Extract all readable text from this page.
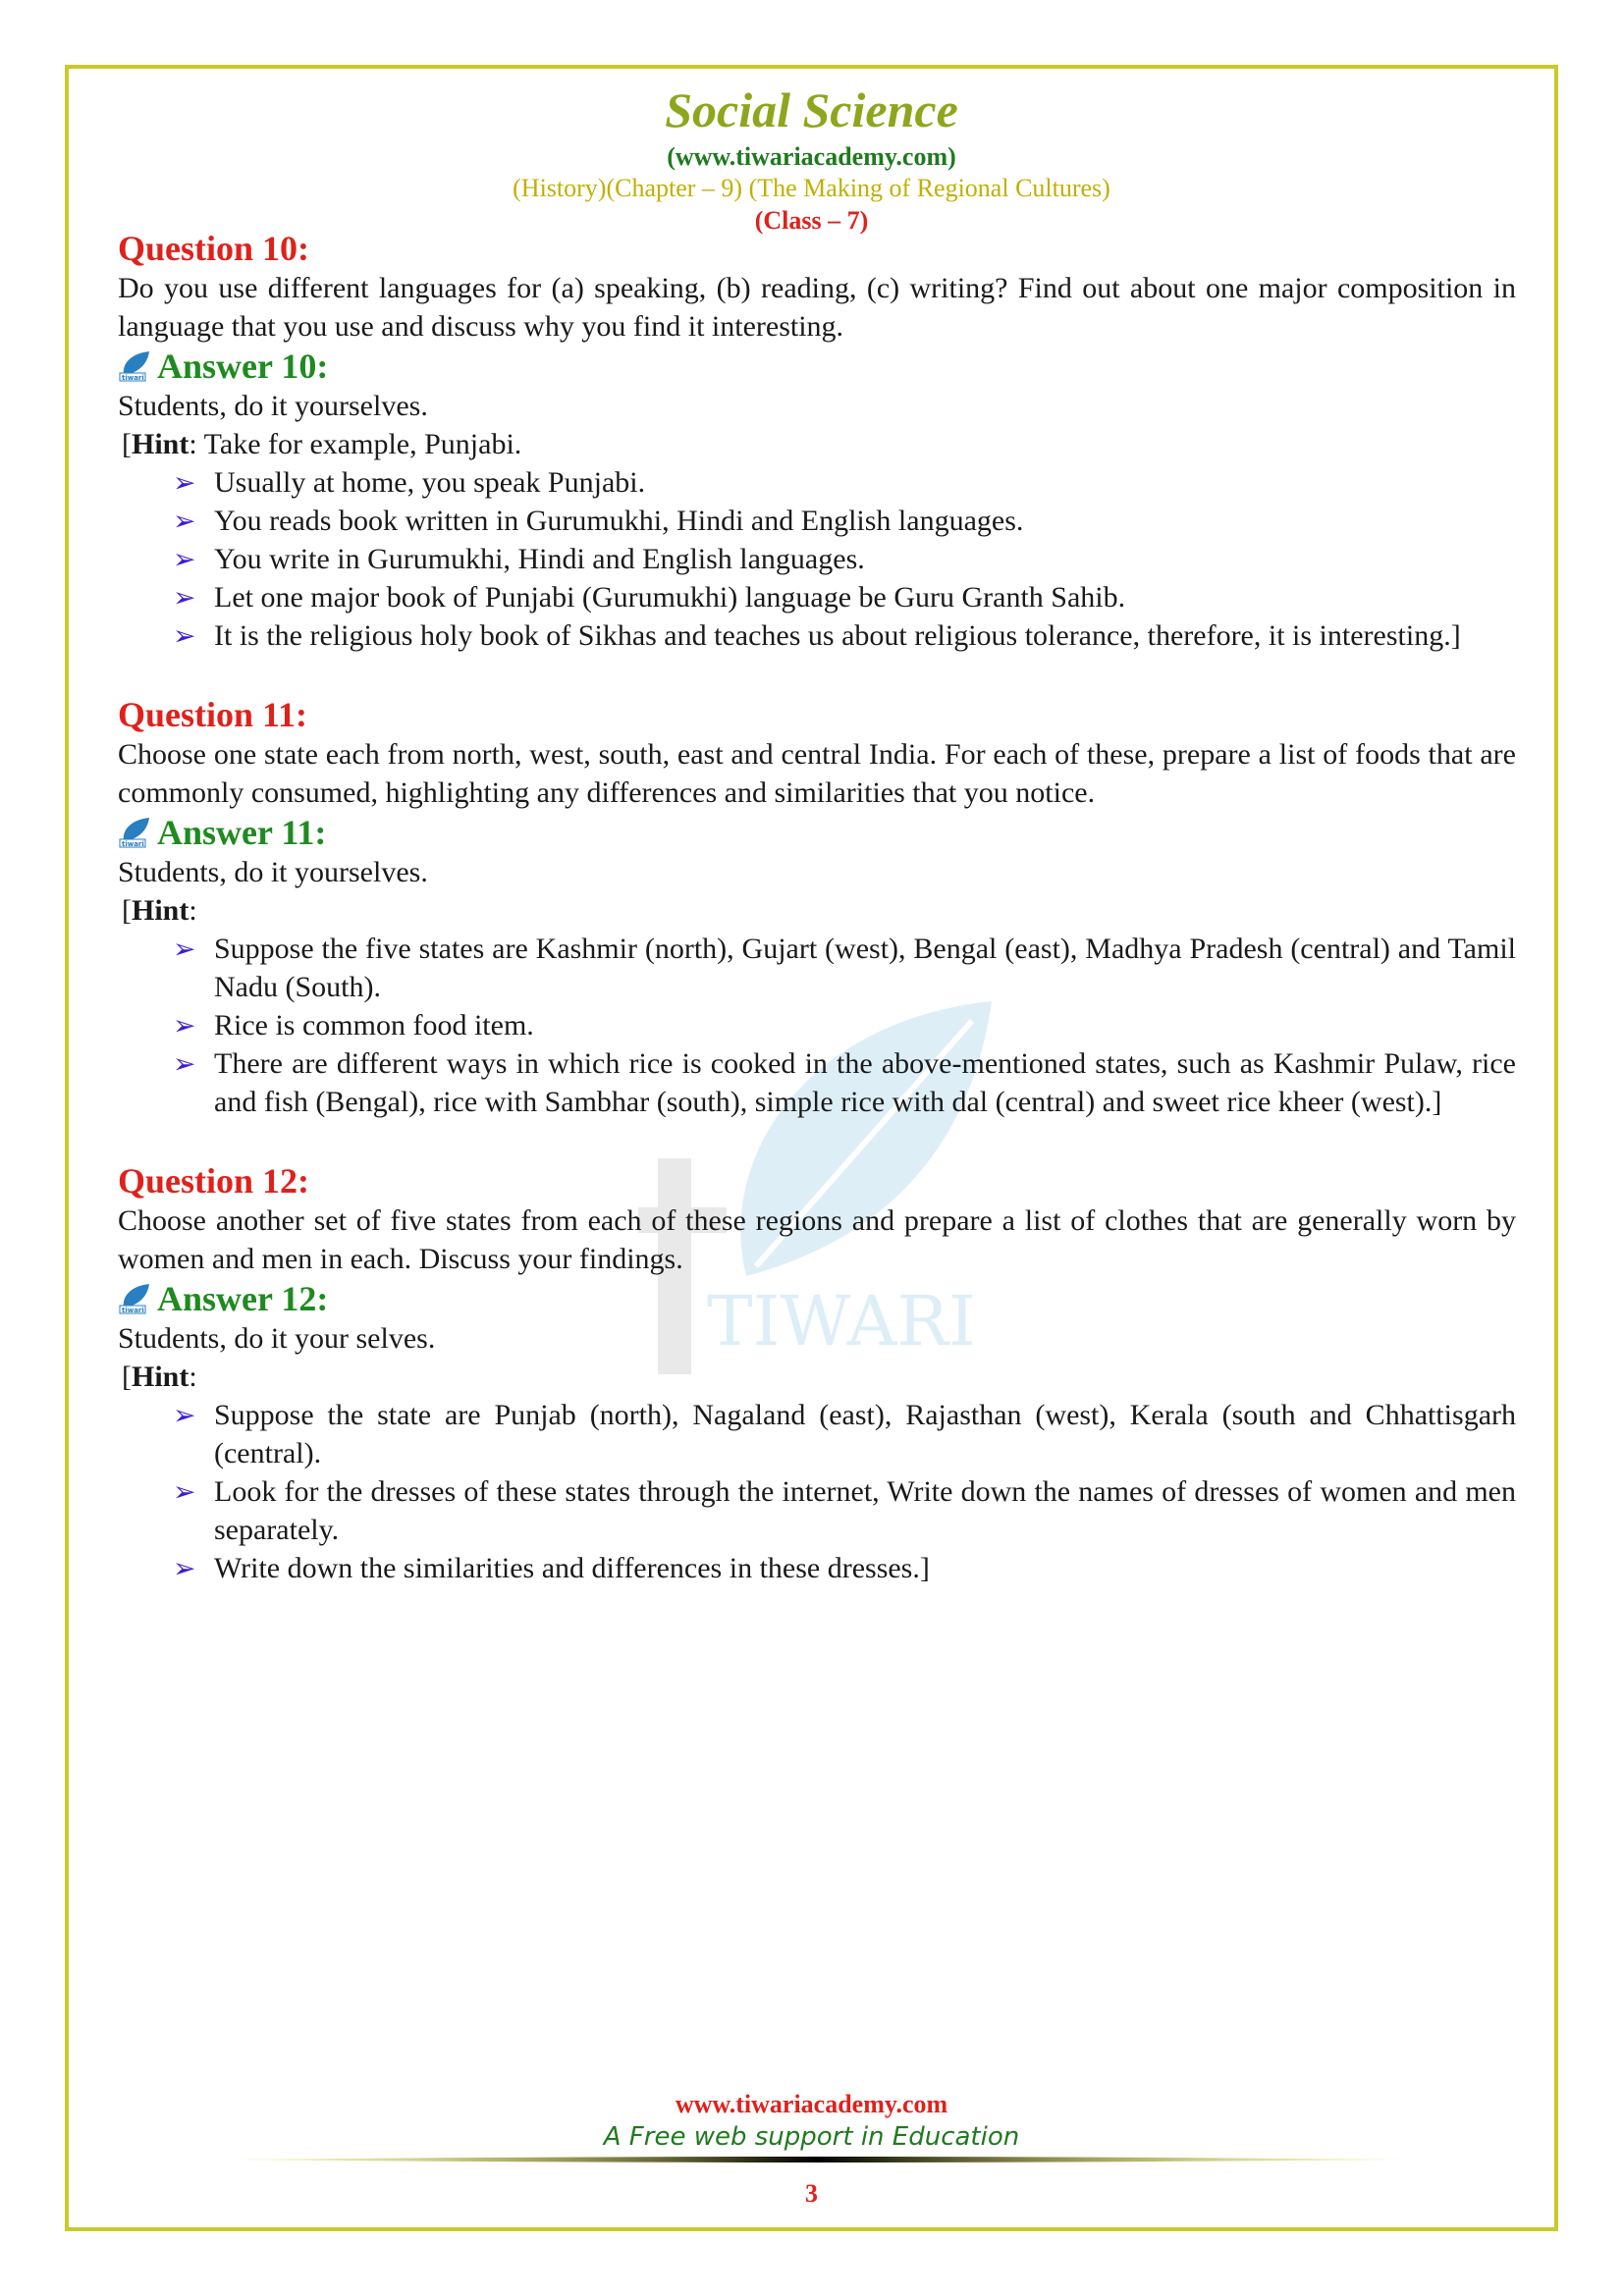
TIWARI
Social Science
(www.tiwariacademy.com)
(History)(Chapter – 9) (The Making of Regional Cultures)
(Class – 7)

Question 10:

Do you use different languages for (a) speaking, (b) reading, (c) writing? Find out about one major composition in language that you use and discuss why you find it interesting.

tiwari Answer 10:

Students, do it yourselves.

[Hint: Take for example, Punjabi.

➢ Usually at home, you speak Punjabi.
➢ You reads book written in Gurumukhi, Hindi and English languages.
➢ You write in Gurumukhi, Hindi and English languages.
➢ Let one major book of Punjabi (Gurumukhi) language be Guru Granth Sahib.
➢ It is the religious holy book of Sikhas and teaches us about religious tolerance, therefore, it is interesting.]

Question 11:

Choose one state each from north, west, south, east and central India. For each of these, prepare a list of foods that are commonly consumed, highlighting any differences and similarities that you notice.

tiwari Answer 11:

Students, do it yourselves.

[Hint:

➢ Suppose the five states are Kashmir (north), Gujart (west), Bengal (east), Madhya Pradesh (central) and Tamil Nadu (South).
➢ Rice is common food item.
➢ There are different ways in which rice is cooked in the above-mentioned states, such as Kashmir Pulaw, rice and fish (Bengal), rice with Sambhar (south), simple rice with dal (central) and sweet rice kheer (west).]

Question 12:

Choose another set of five states from each of these regions and prepare a list of clothes that are generally worn by women and men in each. Discuss your findings.

tiwari Answer 12:

Students, do it your selves.

[Hint:

➢ Suppose the state are Punjab (north), Nagaland (east), Rajasthan (west), Kerala (south and Chhattisgarh (central).
➢ Look for the dresses of these states through the internet, Write down the names of dresses of women and men separately.
➢ Write down the similarities and differences in these dresses.]
www.tiwariacademy.com
A Free web support in Education
3
